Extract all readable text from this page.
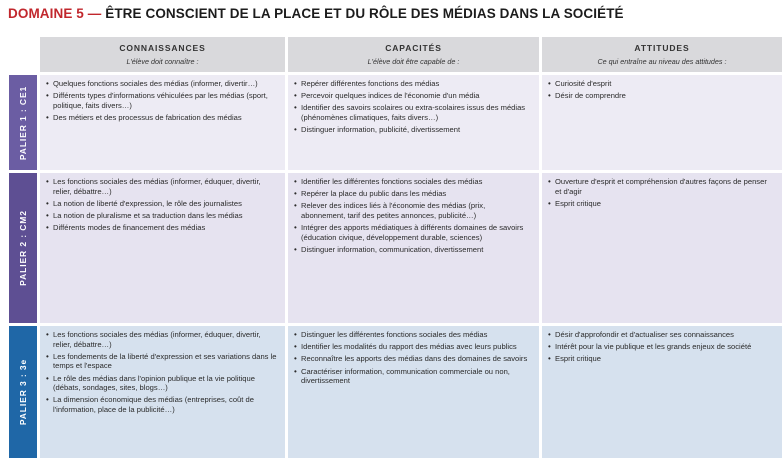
DOMAINE 5 — ÊTRE CONSCIENT DE LA PLACE ET DU RÔLE DES MÉDIAS DANS LA SOCIÉTÉ
CONNAISSANCES
L'élève doit connaître :
CAPACITÉS
L'élève doit être capable de :
ATTITUDES
Ce qui entraîne au niveau des attitudes :
PALIER 1 : CE1
• Quelques fonctions sociales des médias (informer, divertir…)
• Différents types d'informations véhiculées par les médias (sport, politique, faits divers…)
• Des métiers et des processus de fabrication des médias
• Repérer différentes fonctions des médias
• Percevoir quelques indices de l'économie d'un média
• Identifier des savoirs scolaires ou extra-scolaires issus des médias (phénomènes climatiques, faits divers…)
• Distinguer information, publicité, divertissement
• Curiosité d'esprit
• Désir de comprendre
PALIER 2 : CM2
• Les fonctions sociales des médias (informer, éduquer, divertir, relier, débattre…)
• La notion de liberté d'expression, le rôle des journalistes
• La notion de pluralisme et sa traduction dans les médias
• Différents modes de financement des médias
• Identifier les différentes fonctions sociales des médias
• Repérer la place du public dans les médias
• Relever des indices liés à l'économie des médias (prix, abonnement, tarif des petites annonces, publicité…)
• Intégrer des apports médiatiques à différents domaines de savoirs (éducation civique, développement durable, sciences)
• Distinguer information, communication, divertissement
• Ouverture d'esprit et compréhension d'autres façons de penser et d'agir
• Esprit critique
PALIER 3 : 3e
• Les fonctions sociales des médias (informer, éduquer, divertir, relier, débattre…)
• Les fondements de la liberté d'expression et ses variations dans le temps et l'espace
• Le rôle des médias dans l'opinion publique et la vie politique (débats, sondages, sites, blogs…)
• La dimension économique des médias (entreprises, coût de l'information, place de la publicité…)
• Distinguer les différentes fonctions sociales des médias
• Identifier les modalités du rapport des médias avec leurs publics
• Reconnaître les apports des médias dans des domaines de savoirs
• Caractériser information, communication commerciale ou non, divertissement
• Désir d'approfondir et d'actualiser ses connaissances
• Intérêt pour la vie publique et les grands enjeux de société
• Esprit critique
